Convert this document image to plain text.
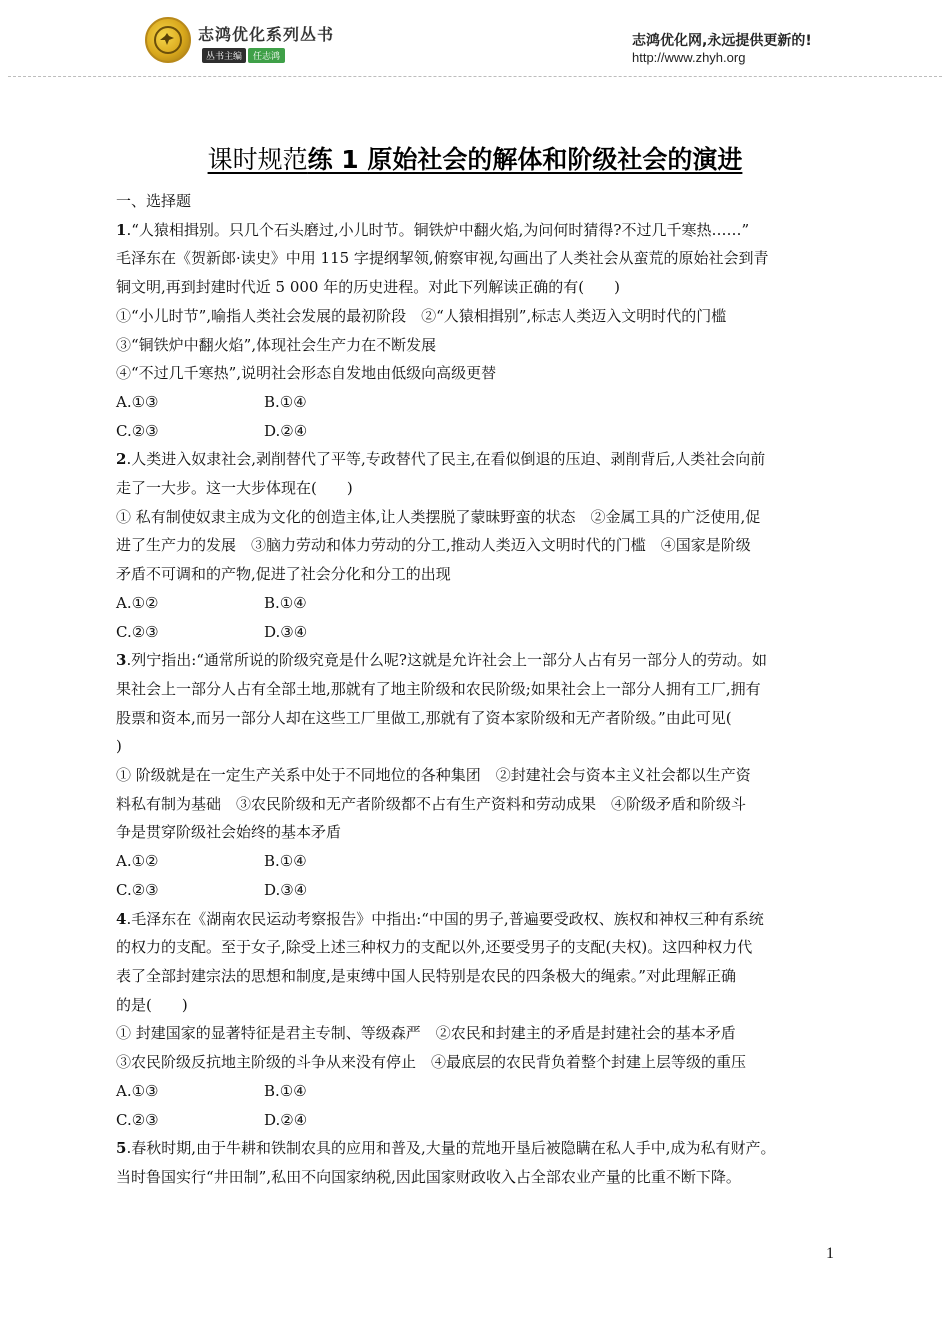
志鸿优化系列丛书
丛书主编	任志鸿
志鸿优化网,永远提供更新的!
http://www.zhyh.org
课时规范练 1 原始社会的解体和阶级社会的演进

一、选择题

1.“人猿相揖别。只几个石头磨过,小儿时节。铜铁炉中翻火焰,为问何时猜得?不过几千寒热……”

毛泽东在《贺新郎·读史》中用 115 字提纲挈领,俯察审视,勾画出了人类社会从蛮荒的原始社会到青

铜文明,再到封建时代近 5 000 年的历史进程。对此下列解读正确的有(　　)

①“小儿时节”,喻指人类社会发展的最初阶段　②“人猿相揖别”,标志人类迈入文明时代的门槛

③“铜铁炉中翻火焰”,体现社会生产力在不断发展

④“不过几千寒热”,说明社会形态自发地由低级向高级更替

A.①③	B.①④

C.②③	D.②④

2.人类进入奴隶社会,剥削替代了平等,专政替代了民主,在看似倒退的压迫、剥削背后,人类社会向前

走了一大步。这一大步体现在(　　)

① 私有制使奴隶主成为文化的创造主体,让人类摆脱了蒙昧野蛮的状态　②金属工具的广泛使用,促

进了生产力的发展　③脑力劳动和体力劳动的分工,推动人类迈入文明时代的门槛　④国家是阶级

矛盾不可调和的产物,促进了社会分化和分工的出现

A.①②	B.①④

C.②③	D.③④

3.列宁指出:“通常所说的阶级究竟是什么呢?这就是允许社会上一部分人占有另一部分人的劳动。如

果社会上一部分人占有全部土地,那就有了地主阶级和农民阶级;如果社会上一部分人拥有工厂,拥有

股票和资本,而另一部分人却在这些工厂里做工,那就有了资本家阶级和无产者阶级。”由此可见(

)

① 阶级就是在一定生产关系中处于不同地位的各种集团　②封建社会与资本主义社会都以生产资

料私有制为基础　③农民阶级和无产者阶级都不占有生产资料和劳动成果　④阶级矛盾和阶级斗

争是贯穿阶级社会始终的基本矛盾

A.①②	B.①④

C.②③	D.③④

4.毛泽东在《湖南农民运动考察报告》中指出:“中国的男子,普遍要受政权、族权和神权三种有系统

的权力的支配。至于女子,除受上述三种权力的支配以外,还要受男子的支配(夫权)。这四种权力代

表了全部封建宗法的思想和制度,是束缚中国人民特别是农民的四条极大的绳索。”对此理解正确

的是(　　)

① 封建国家的显著特征是君主专制、等级森严　②农民和封建主的矛盾是封建社会的基本矛盾

③农民阶级反抗地主阶级的斗争从来没有停止　④最底层的农民背负着整个封建上层等级的重压

A.①③	B.①④

C.②③	D.②④

5.春秋时期,由于牛耕和铁制农具的应用和普及,大量的荒地开垦后被隐瞒在私人手中,成为私有财产。

当时鲁国实行“井田制”,私田不向国家纳税,因此国家财政收入占全部农业产量的比重不断下降。

1
